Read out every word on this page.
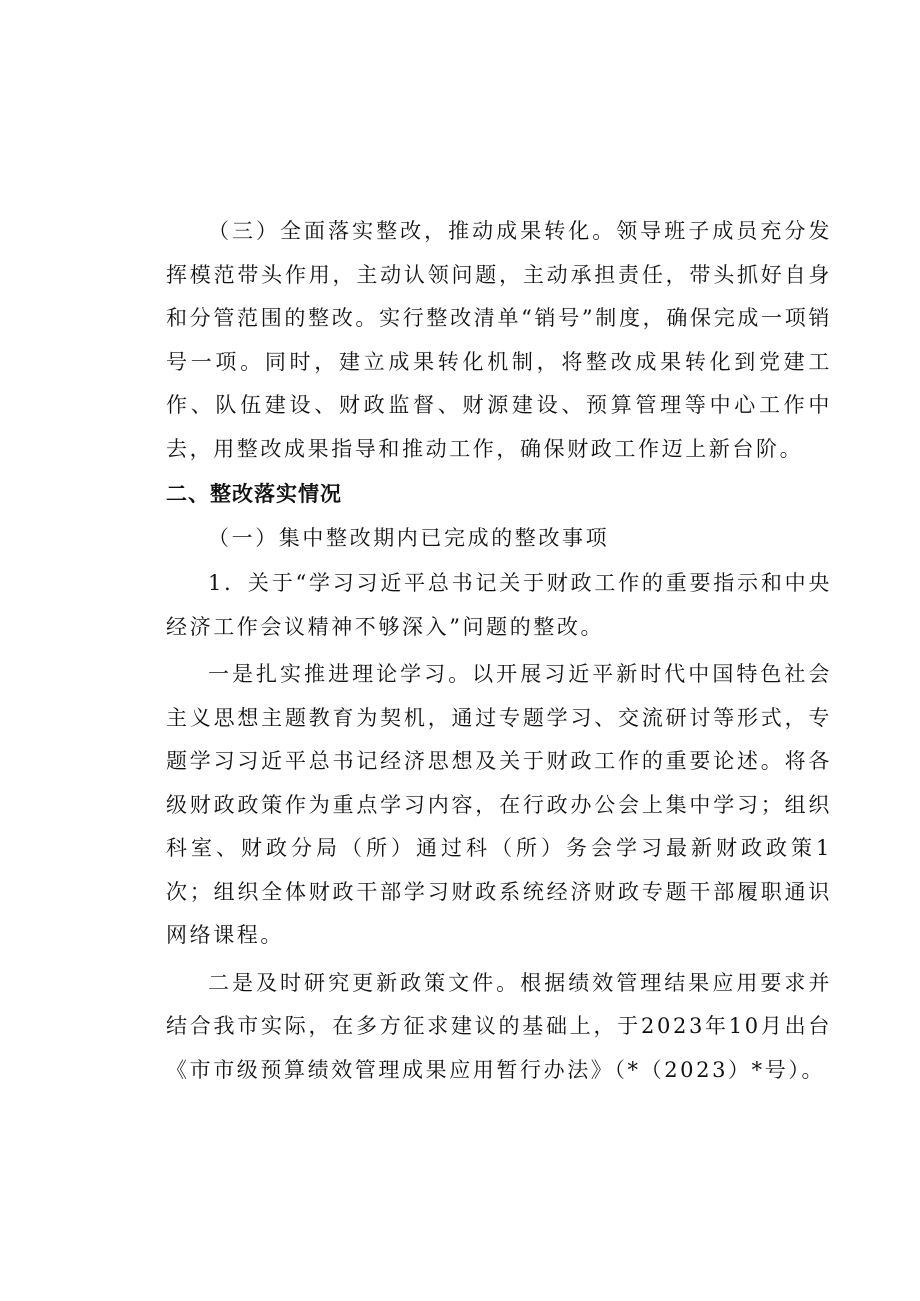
（三）全面落实整改，推动成果转化。领导班子成员充分发挥模范带头作用，主动认领问题，主动承担责任，带头抓好自身和分管范围的整改。实行整改清单“销号”制度，确保完成一项销号一项。同时，建立成果转化机制，将整改成果转化到党建工作、队伍建设、财政监督、财源建设、预算管理等中心工作中去，用整改成果指导和推动工作，确保财政工作迈上新台阶。

二、整改落实情况

（一）集中整改期内已完成的整改事项

1．关于“学习习近平总书记关于财政工作的重要指示和中央经济工作会议精神不够深入”问题的整改。

一是扎实推进理论学习。以开展习近平新时代中国特色社会主义思想主题教育为契机，通过专题学习、交流研讨等形式，专题学习习近平总书记经济思想及关于财政工作的重要论述。将各级财政政策作为重点学习内容，在行政办公会上集中学习；组织科室、财政分局（所）通过科（所）务会学习最新财政政策1次；组织全体财政干部学习财政系统经济财政专题干部履职通识网络课程。

二是及时研究更新政策文件。根据绩效管理结果应用要求并结合我市实际，在多方征求建议的基础上，于2023年10月出台《市市级预算绩效管理成果应用暂行办法》（*（2023）*号）。
